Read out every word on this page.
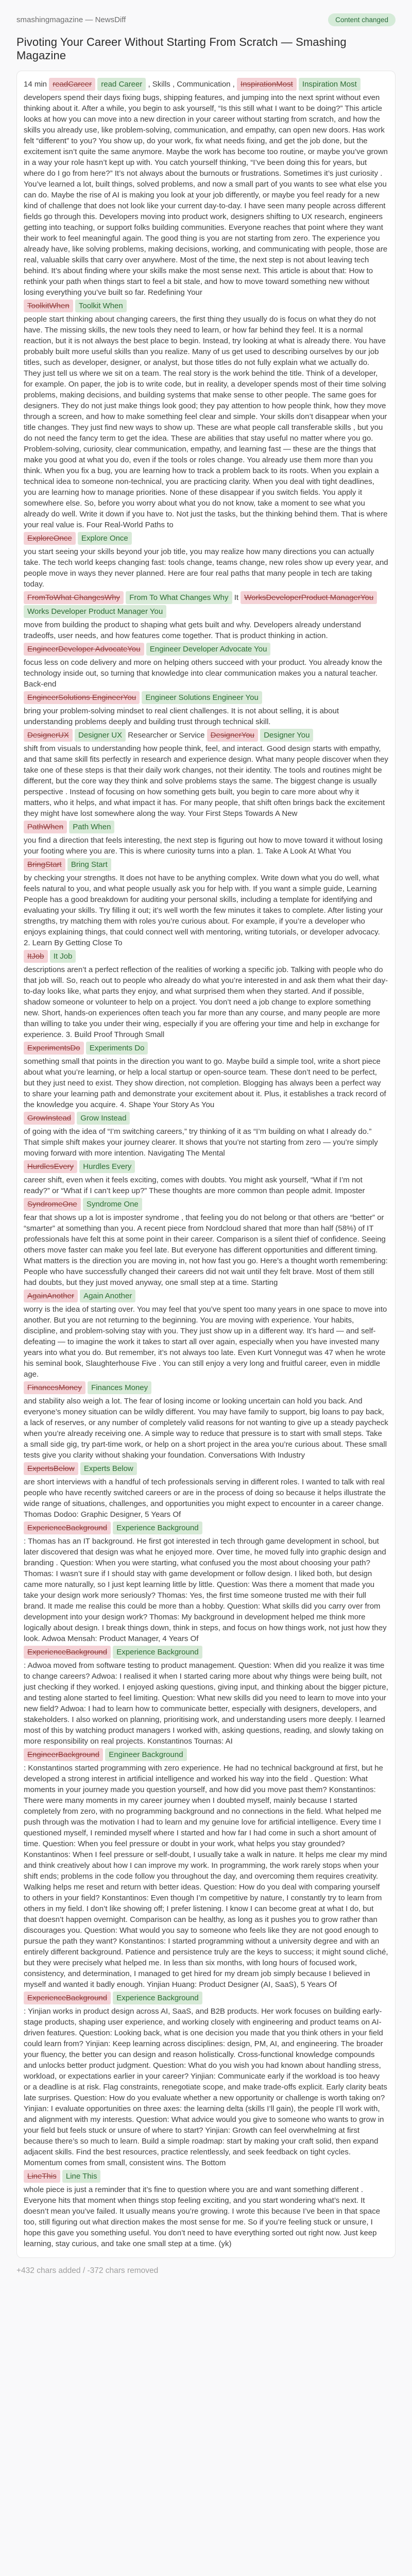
smashingmagazine — NewsDiff	Content changed
Pivoting Your Career Without Starting From Scratch — Smashing Magazine
14 min readCareer read Career , Skills , Communication , InspirationMost Inspiration Most
developers spend their days fixing bugs, shipping features, and jumping into the next sprint without even thinking about it. After a while, you begin to ask yourself, “Is this still what I want to be doing?” This article looks at how you can move into a new direction in your career without starting from scratch, and how the skills you already use, like problem-solving, communication, and empathy, can open new doors. Has work felt “different” to you? You show up, do your work, fix what needs fixing, and get the job done, but the excitement isn’t quite the same anymore. Maybe the work has become too routine, or maybe you’ve grown in a way your role hasn’t kept up with. You catch yourself thinking, “I’ve been doing this for years, but where do I go from here?” It’s not always about the burnouts or frustrations. Sometimes it’s just curiosity . You’ve learned a lot, built things, solved problems, and now a small part of you wants to see what else you can do. Maybe the rise of AI is making you look at your job differently, or maybe you feel ready for a new kind of challenge that does not look like your current day-to-day. I have seen many people across different fields go through this. Developers moving into product work, designers shifting to UX research, engineers getting into teaching, or support folks building communities. Everyone reaches that point where they want their work to feel meaningful again. The good thing is you are not starting from zero. The experience you already have, like solving problems, making decisions, working, and communicating with people, those are real, valuable skills that carry over anywhere. Most of the time, the next step is not about leaving tech behind. It’s about finding where your skills make the most sense next. This article is about that: How to rethink your path when things start to feel a bit stale, and how to move toward something new without losing everything you’ve built so far. Redefining Your
ToolkitWhen Toolkit When
people start thinking about changing careers, the first thing they usually do is focus on what they do not have. The missing skills, the new tools they need to learn, or how far behind they feel. It is a normal reaction, but it is not always the best place to begin. Instead, try looking at what is already there. You have probably built more useful skills than you realize. Many of us get used to describing ourselves by our job titles, such as developer, designer, or analyst, but those titles do not fully explain what we actually do. They just tell us where we sit on a team. The real story is the work behind the title. Think of a developer, for example. On paper, the job is to write code, but in reality, a developer spends most of their time solving problems, making decisions, and building systems that make sense to other people. The same goes for designers. They do not just make things look good; they pay attention to how people think, how they move through a screen, and how to make something feel clear and simple. Your skills don’t disappear when your title changes. They just find new ways to show up. These are what people call transferable skills , but you do not need the fancy term to get the idea. These are abilities that stay useful no matter where you go. Problem-solving, curiosity, clear communication, empathy, and learning fast — these are the things that make you good at what you do, even if the tools or roles change. You already use them more than you think. When you fix a bug, you are learning how to track a problem back to its roots. When you explain a technical idea to someone non-technical, you are practicing clarity. When you deal with tight deadlines, you are learning how to manage priorities. None of these disappear if you switch fields. You apply it somewhere else. So, before you worry about what you do not know, take a moment to see what you already do well. Write it down if you have to. Not just the tasks, but the thinking behind them. That is where your real value is. Four Real-World Paths to
ExploreOnce Explore Once
you start seeing your skills beyond your job title, you may realize how many directions you can actually take. The tech world keeps changing fast: tools change, teams change, new roles show up every year, and people move in ways they never planned. Here are four real paths that many people in tech are taking today.
FromToWhat ChangesWhy From To What Changes Why It WorksDeveloperProduct ManagerYou Works Developer Product Manager You
move from building the product to shaping what gets built and why. Developers already understand tradeoffs, user needs, and how features come together. That is product thinking in action.
EngineerDeveloper AdvocateYou Engineer Developer Advocate You
focus less on code delivery and more on helping others succeed with your product. You already know the technology inside out, so turning that knowledge into clear communication makes you a natural teacher. Back-end
EngineerSolutions EngineerYou Engineer Solutions Engineer You
bring your problem-solving mindset to real client challenges. It is not about selling, it is about understanding problems deeply and building trust through technical skill.
DesignerUX Designer UX Researcher or Service DesignerYou Designer You
shift from visuals to understanding how people think, feel, and interact. Good design starts with empathy, and that same skill fits perfectly in research and experience design. What many people discover when they take one of these steps is that their daily work changes, not their identity. The tools and routines might be different, but the core way they think and solve problems stays the same. The biggest change is usually perspective . Instead of focusing on how something gets built, you begin to care more about why it matters, who it helps, and what impact it has. For many people, that shift often brings back the excitement they might have lost somewhere along the way. Your First Steps Towards A New
PathWhen Path When
you find a direction that feels interesting, the next step is figuring out how to move toward it without losing your footing where you are. This is where curiosity turns into a plan. 1. Take A Look At What You
BringStart Bring Start
by checking your strengths. It does not have to be anything complex. Write down what you do well, what feels natural to you, and what people usually ask you for help with. If you want a simple guide, Learning People has a good breakdown for auditing your personal skills, including a template for identifying and evaluating your skills. Try filling it out; it’s well worth the few minutes it takes to complete. After listing your strengths, try matching them with roles you’re curious about. For example, if you’re a developer who enjoys explaining things, that could connect well with mentoring, writing tutorials, or developer advocacy. 2. Learn By Getting Close To
ItJob It Job
descriptions aren’t a perfect reflection of the realities of working a specific job. Talking with people who do that job will. So, reach out to people who already do what you’re interested in and ask them what their day-to-day looks like, what parts they enjoy, and what surprised them when they started. And if possible, shadow someone or volunteer to help on a project. You don’t need a job change to explore something new. Short, hands-on experiences often teach you far more than any course, and many people are more than willing to take you under their wing, especially if you are offering your time and help in exchange for experience. 3. Build Proof Through Small
ExperimentsDo Experiments Do
something small that points in the direction you want to go. Maybe build a simple tool, write a short piece about what you’re learning, or help a local startup or open-source team. These don’t need to be perfect, but they just need to exist. They show direction, not completion. Blogging has always been a perfect way to share your learning path and demonstrate your excitement about it. Plus, it establishes a track record of the knowledge you acquire. 4. Shape Your Story As You
GrowInstead Grow Instead
of going with the idea of “I’m switching careers,” try thinking of it as “I’m building on what I already do.” That simple shift makes your journey clearer. It shows that you’re not starting from zero — you’re simply moving forward with more intention. Navigating The Mental
HurdlesEvery Hurdles Every
career shift, even when it feels exciting, comes with doubts. You might ask yourself, “What if I’m not ready?” or “What if I can’t keep up?” These thoughts are more common than people admit. Imposter
SyndromeOne Syndrome One
fear that shows up a lot is imposter syndrome , that feeling you do not belong or that others are “better” or “smarter” at something than you. A recent piece from Nordcloud shared that more than half (58%) of IT professionals have felt this at some point in their career. Comparison is a silent thief of confidence. Seeing others move faster can make you feel late. But everyone has different opportunities and different timing. What matters is the direction you are moving in, not how fast you go. Here’s a thought worth remembering: People who have successfully changed their careers did not wait until they felt brave. Most of them still had doubts, but they just moved anyway, one small step at a time. Starting
AgainAnother Again Another
worry is the idea of starting over. You may feel that you’ve spent too many years in one space to move into another. But you are not returning to the beginning. You are moving with experience. Your habits, discipline, and problem-solving stay with you. They just show up in a different way. It’s hard — and self-defeating — to imagine the work it takes to start all over again, especially when you have invested many years into what you do. But remember, it’s not always too late. Even Kurt Vonnegut was 47 when he wrote his seminal book, Slaughterhouse Five . You can still enjoy a very long and fruitful career, even in middle age.
FinancesMoney Finances Money
and stability also weigh a lot. The fear of losing income or looking uncertain can hold you back. And everyone’s money situation can be wildly different. You may have family to support, big loans to pay back, a lack of reserves, or any number of completely valid reasons for not wanting to give up a steady paycheck when you’re already receiving one. A simple way to reduce that pressure is to start with small steps. Take a small side gig, try part-time work, or help on a short project in the area you’re curious about. These small tests give you clarity without shaking your foundation. Conversations With Industry
ExpertsBelow Experts Below
are short interviews with a handful of tech professionals serving in different roles. I wanted to talk with real people who have recently switched careers or are in the process of doing so because it helps illustrate the wide range of situations, challenges, and opportunities you might expect to encounter in a career change. Thomas Dodoo: Graphic Designer, 5 Years Of
ExperienceBackground Experience Background
: Thomas has an IT background. He first got interested in tech through game development in school, but later discovered that design was what he enjoyed more. Over time, he moved fully into graphic design and branding . Question: When you were starting, what confused you the most about choosing your path? Thomas: I wasn’t sure if I should stay with game development or follow design. I liked both, but design came more naturally, so I just kept learning little by little. Question: Was there a moment that made you take your design work more seriously? Thomas: Yes, the first time someone trusted me with their full brand. It made me realise this could be more than a hobby. Question: What skills did you carry over from development into your design work? Thomas: My background in development helped me think more logically about design. I break things down, think in steps, and focus on how things work, not just how they look. Adwoa Mensah: Product Manager, 4 Years Of
ExperienceBackground Experience Background
: Adwoa moved from software testing to product management. Question: When did you realize it was time to change careers? Adwoa: I realised it when I started caring more about why things were being built, not just checking if they worked. I enjoyed asking questions, giving input, and thinking about the bigger picture, and testing alone started to feel limiting. Question: What new skills did you need to learn to move into your new field? Adwoa: I had to learn how to communicate better, especially with designers, developers, and stakeholders. I also worked on planning, prioritising work, and understanding users more deeply. I learned most of this by watching product managers I worked with, asking questions, reading, and slowly taking on more responsibility on real projects. Konstantinos Tournas: AI
EngineerBackground Engineer Background
: Konstantinos started programming with zero experience. He had no technical background at first, but he developed a strong interest in artificial intelligence and worked his way into the field . Question: What moments in your journey made you question yourself, and how did you move past them? Konstantinos: There were many moments in my career journey when I doubted myself, mainly because I started completely from zero, with no programming background and no connections in the field. What helped me push through was the motivation I had to learn and my genuine love for artificial intelligence. Every time I questioned myself, I reminded myself where I started and how far I had come in such a short amount of time. Question: When you feel pressure or doubt in your work, what helps you stay grounded? Konstantinos: When I feel pressure or self-doubt, I usually take a walk in nature. It helps me clear my mind and think creatively about how I can improve my work. In programming, the work rarely stops when your shift ends; problems in the code follow you throughout the day, and overcoming them requires creativity. Walking helps me reset and return with better ideas. Question: How do you deal with comparing yourself to others in your field? Konstantinos: Even though I’m competitive by nature, I constantly try to learn from others in my field. I don’t like showing off; I prefer listening. I know I can become great at what I do, but that doesn’t happen overnight. Comparison can be healthy, as long as it pushes you to grow rather than discourages you. Question: What would you say to someone who feels like they are not good enough to pursue the path they want? Konstantinos: I started programming without a university degree and with an entirely different background. Patience and persistence truly are the keys to success; it might sound cliché, but they were precisely what helped me. In less than six months, with long hours of focused work, consistency, and determination, I managed to get hired for my dream job simply because I believed in myself and wanted it badly enough. Yinjian Huang: Product Designer (AI, SaaS), 5 Years Of
ExperienceBackground Experience Background
: Yinjian works in product design across AI, SaaS, and B2B products. Her work focuses on building early-stage products, shaping user experience, and working closely with engineering and product teams on AI-driven features. Question: Looking back, what is one decision you made that you think others in your field could learn from? Yinjian: Keep learning across disciplines: design, PM, AI, and engineering. The broader your fluency, the better you can design and reason holistically. Cross-functional knowledge compounds and unlocks better product judgment. Question: What do you wish you had known about handling stress, workload, or expectations earlier in your career? Yinjian: Communicate early if the workload is too heavy or a deadline is at risk. Flag constraints, renegotiate scope, and make trade-offs explicit. Early clarity beats late surprises. Question: How do you evaluate whether a new opportunity or challenge is worth taking on? Yinjian: I evaluate opportunities on three axes: the learning delta (skills I’ll gain), the people I’ll work with, and alignment with my interests. Question: What advice would you give to someone who wants to grow in your field but feels stuck or unsure of where to start? Yinjian: Growth can feel overwhelming at first because there’s so much to learn. Build a simple roadmap: start by making your craft solid, then expand adjacent skills. Find the best resources, practice relentlessly, and seek feedback on tight cycles. Momentum comes from small, consistent wins. The Bottom
LineThis Line This
whole piece is just a reminder that it’s fine to question where you are and want something different . Everyone hits that moment when things stop feeling exciting, and you start wondering what’s next. It doesn’t mean you’ve failed. It usually means you’re growing. I wrote this because I’ve been in that space too, still figuring out what direction makes the most sense for me. So if you’re feeling stuck or unsure, I hope this gave you something useful. You don’t need to have everything sorted out right now. Just keep learning, stay curious, and take one small step at a time. (yk)
+432 chars added / -372 chars removed
